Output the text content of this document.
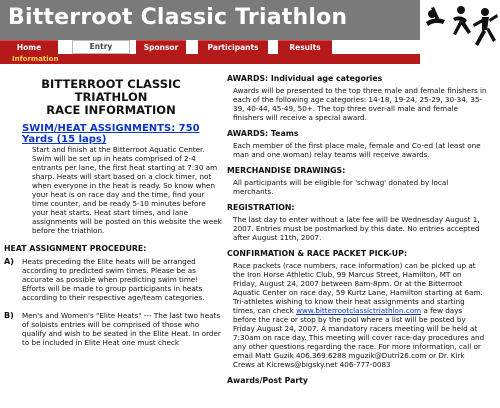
Bitterroot Classic Triathlon
Home	Entry	Sponsor	Participants	Results
Information
BITTERROOT CLASSIC
TRIATHLON
RACE INFORMATION
SWIM/HEAT ASSIGNMENTS: 750 Yards (15 laps)
Start and finish at the Bitterroot Aquatic Center. Swim will be set up in heats comprised of 2-4 entrants per lane, the first heat starting at 7:30 am sharp. Heats will start based on a clock timer, not when everyone in the heat is ready. So know when your heat is on race day and the time, find your time counter, and be ready 5-10 minutes before your heat starts. Heat start times, and lane assignments will be posted on this website the week before the triathlon.
HEAT ASSIGNMENT PROCEDURE:
A)	Heats preceding the Elite heats will be arranged according to predicted swim times. Please be as accurate as possible when predicting swim time! Efforts will be made to group participants in heats according to their respective age/team categories.
B)	Men's and Women's "Elite Heats" --- The last two heats of soloists entries will be comprised of those who qualify and wish to be seated in the Elite Heat. In order to be included in Elite Heat one must check
AWARDS: Individual age categories
Awards will be presented to the top three male and female finishers in each of the following age categories: 14-18, 19-24, 25-29, 30-34, 35-39, 40-44, 45-49, 50+. The top three over-all male and female finishers will receive a special award.
AWARDS: Teams
Each member of the first place male, female and Co-ed (at least one man and one woman) relay teams will receive awards.
MERCHANDISE DRAWINGS:
All participants will be eligible for 'schwag' donated by local merchants.
REGISTRATION:
The last day to enter without a late fee will be Wednesday August 1, 2007. Entries must be postmarked by this date. No entries accepted after August 11th, 2007.
CONFIRMATION & RACE PACKET PICK-UP:
Race packets (race numbers, race information) can be picked up at the Iron Horse Athletic Club, 99 Marcus Street, Hamilton, MT on Friday, August 24, 2007 between 8am-8pm. Or at the Bitterroot Aquatic Center on race day, 59 Kurtz Lane, Hamilton starting at 6am. Tri-athletes wishing to know their heat assignments and starting times, can check www.bitterrootclassictriathlon.com a few days before the race or stop by the pool where a list will be posted by Friday August 24, 2007. A mandatory racers meeting will be held at 7:30am on race day. This meeting will cover race-day procedures and any other questions regarding the race. For more information, call or email Matt Guzik 406.369.6288 mguzik@Dutri26.com or Dr. Kirk Crews at Kicrews@bigsky.net 406-777-0083
Awards/Post Party
